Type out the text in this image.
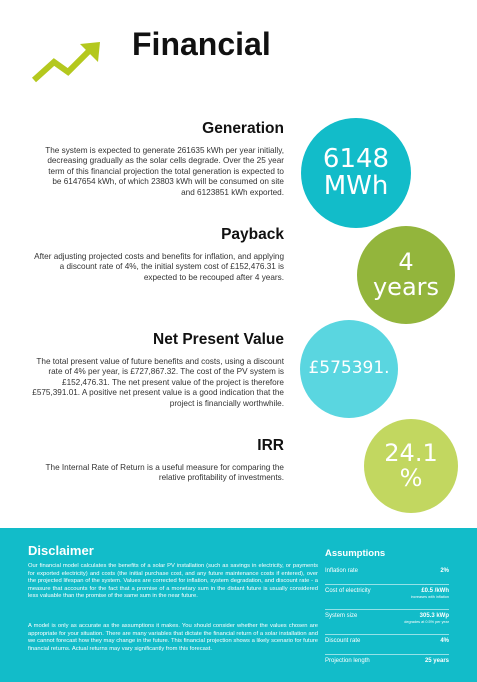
Financial
Generation

The system is expected to generate 261635 kWh per year initially, decreasing gradually as the solar cells degrade. Over the 25 year term of this financial projection the total generation is expected to be 6147654 kWh, of which 23803 kWh will be consumed on site and 6123851 kWh exported.

6148 MWh
Payback

After adjusting projected costs and benefits for inflation, and applying a discount rate of 4%, the initial system cost of £152,476.31 is expected to be recouped after 4 years.

4 years
Net Present Value

The total present value of future benefits and costs, using a discount rate of 4% per year, is £727,867.32. The cost of the PV system is £152,476.31. The net present value of the project is therefore £575,391.01. A positive net present value is a good indication that the project is financially worthwhile.

£575391.
IRR

The Internal Rate of Return is a useful measure for comparing the relative profitability of investments.

24.1 %
Disclaimer

Our financial model calculates the benefits of a solar PV installation (such as savings in electricity, or payments for exported electricity) and costs (the initial purchase cost, and any future maintenance costs if entered), over the projected lifespan of the system. Values are corrected for inflation, system degradation, and discount rate - a measure that accounts for the fact that a promise of a monetary sum in the distant future is usually considered less valuable than the promise of the same sum in the near future.

A model is only as accurate as the assumptions it makes. You should consider whether the values chosen are appropriate for your situation. There are many variables that dictate the financial return of a solar installation and we cannot forecast how they may change in the future. This financial projection shows a likely scenario for future financial returns. Actual returns may vary significantly from this forecast.

Assumptions
Inflation rate	2%
Cost of electricity	£0.5 /kWh
increases with inflation
System size	305.3 kWp
degrades at 0.5% per year
Discount rate	4%
Projection length	25 years
